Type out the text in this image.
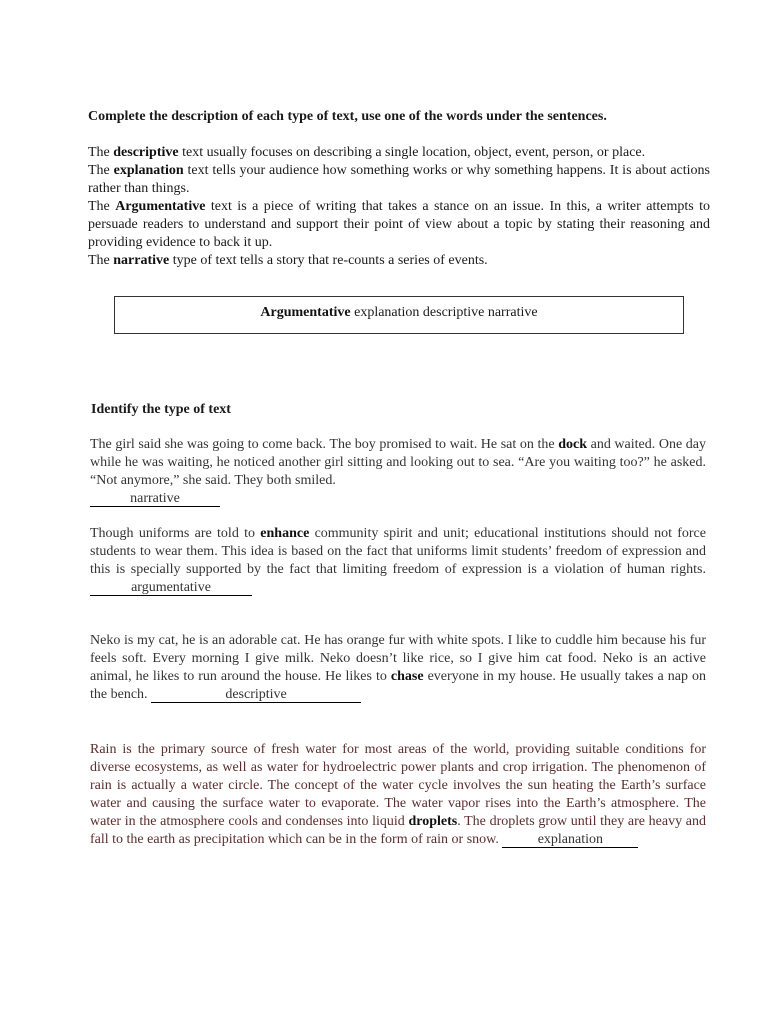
Complete the description of each type of text, use one of the words under the sentences.

The descriptive text usually focuses on describing a single location, object, event, person, or place.

The explanation text tells your audience how something works or why something happens. It is about actions rather than things.

The Argumentative text is a piece of writing that takes a stance on an issue. In this, a writer attempts to persuade readers to understand and support their point of view about a topic by stating their reasoning and providing evidence to back it up.

The narrative type of text tells a story that re-counts a series of events.

Argumentative explanation descriptive narrative
Identify the type of text

The girl said she was going to come back. The boy promised to wait. He sat on the dock and waited. One day while he was waiting, he noticed another girl sitting and looking out to sea. “Are you waiting too?” he asked. “Not anymore,” she said. They both smiled.
narrative

Though uniforms are told to enhance community spirit and unit; educational institutions should not force students to wear them. This idea is based on the fact that uniforms limit students’ freedom of expression and this is specially supported by the fact that limiting freedom of expression is a violation of human rights. argumentative

Neko is my cat, he is an adorable cat. He has orange fur with white spots. I like to cuddle him because his fur feels soft. Every morning I give milk. Neko doesn’t like rice, so I give him cat food. Neko is an active animal, he likes to run around the house. He likes to chase everyone in my house. He usually takes a nap on the bench.	descriptive

Rain is the primary source of fresh water for most areas of the world, providing suitable conditions for diverse ecosystems, as well as water for hydroelectric power plants and crop irrigation. The phenomenon of rain is actually a water circle. The concept of the water cycle involves the sun heating the Earth’s surface water and causing the surface water to evaporate. The water vapor rises into the Earth’s atmosphere. The water in the atmosphere cools and condenses into liquid droplets. The droplets grow until they are heavy and fall to the earth as precipitation which can be in the form of rain or snow.	explanation
